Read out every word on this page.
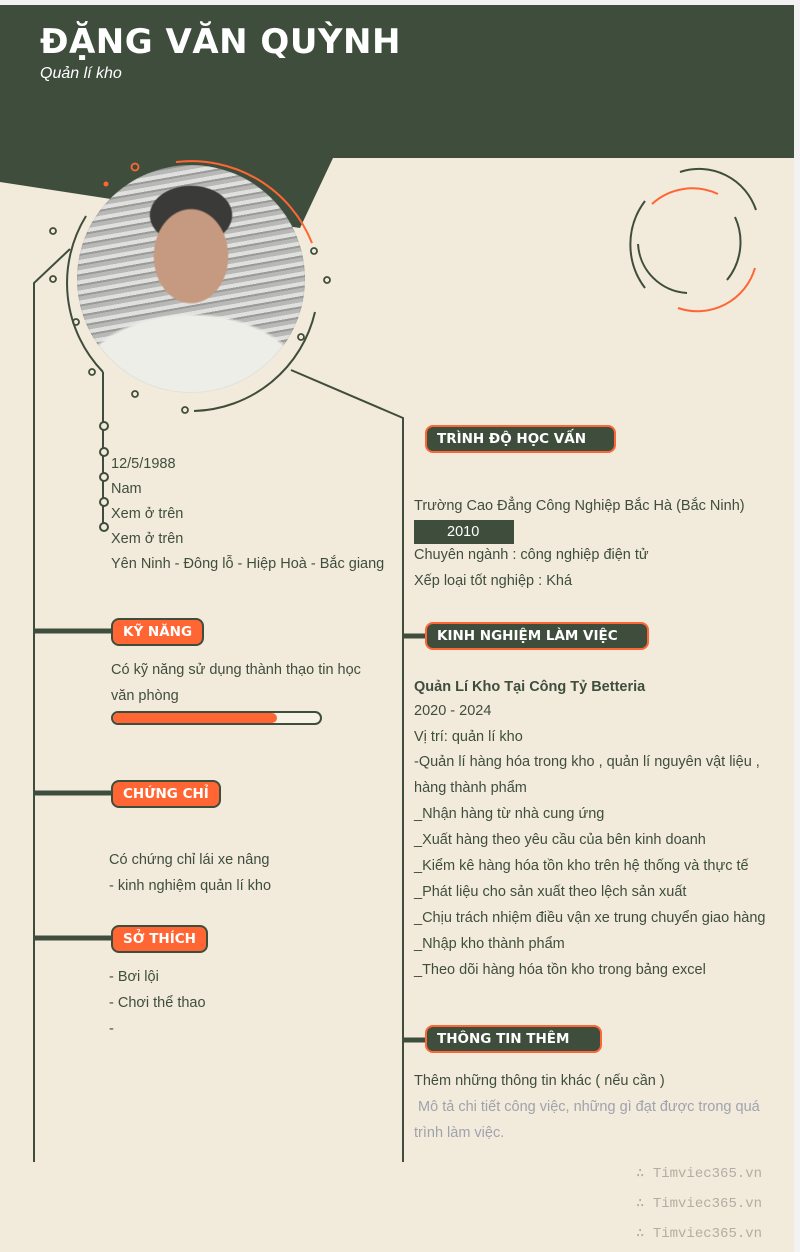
ĐẶNG VĂN QUỲNH
Quản lí kho
12/5/1988
Nam
Xem ở trên
Xem ở trên
Yên Ninh - Đông lỗ - Hiệp Hoà - Bắc giang
KỸ NĂNG
Có kỹ năng sử dụng thành thạo tin học
văn phòng
CHỨNG CHỈ
Có chứng chỉ lái xe nâng
- kinh nghiệm quản lí kho
SỞ THÍCH
- Bơi lội
- Chơi thể thao
-
TRÌNH ĐỘ HỌC VẤN
Trường Cao Đẳng Công Nghiệp Bắc Hà (Bắc Ninh)
2010
Chuyên ngành : công nghiệp điện tử
Xếp loại tốt nghiệp : Khá
KINH NGHIỆM LÀM VIỆC
Quản Lí Kho Tại Công Tỷ Betteria
2020 - 2024
Vị trí: quản lí kho
-Quản lí hàng hóa trong kho , quản lí nguyên vật liệu ,
hàng thành phẩm
_Nhận hàng từ nhà cung ứng
_Xuất hàng theo yêu cầu của bên kinh doanh
_Kiểm kê hàng hóa tồn kho trên hệ thống và thực tế
_Phát liệu cho sản xuất theo lệch sản xuất
_Chịu trách nhiệm điều vận xe trung chuyển giao hàng
_Nhập kho thành phẩm
_Theo dõi hàng hóa tồn kho trong bảng excel
THÔNG TIN THÊM
Thêm những thông tin khác ( nếu cần )
Mô tả chi tiết công việc, những gì đạt được trong quá
trình làm việc.
∴ Timviec365.vn
∴ Timviec365.vn
∴ Timviec365.vn
